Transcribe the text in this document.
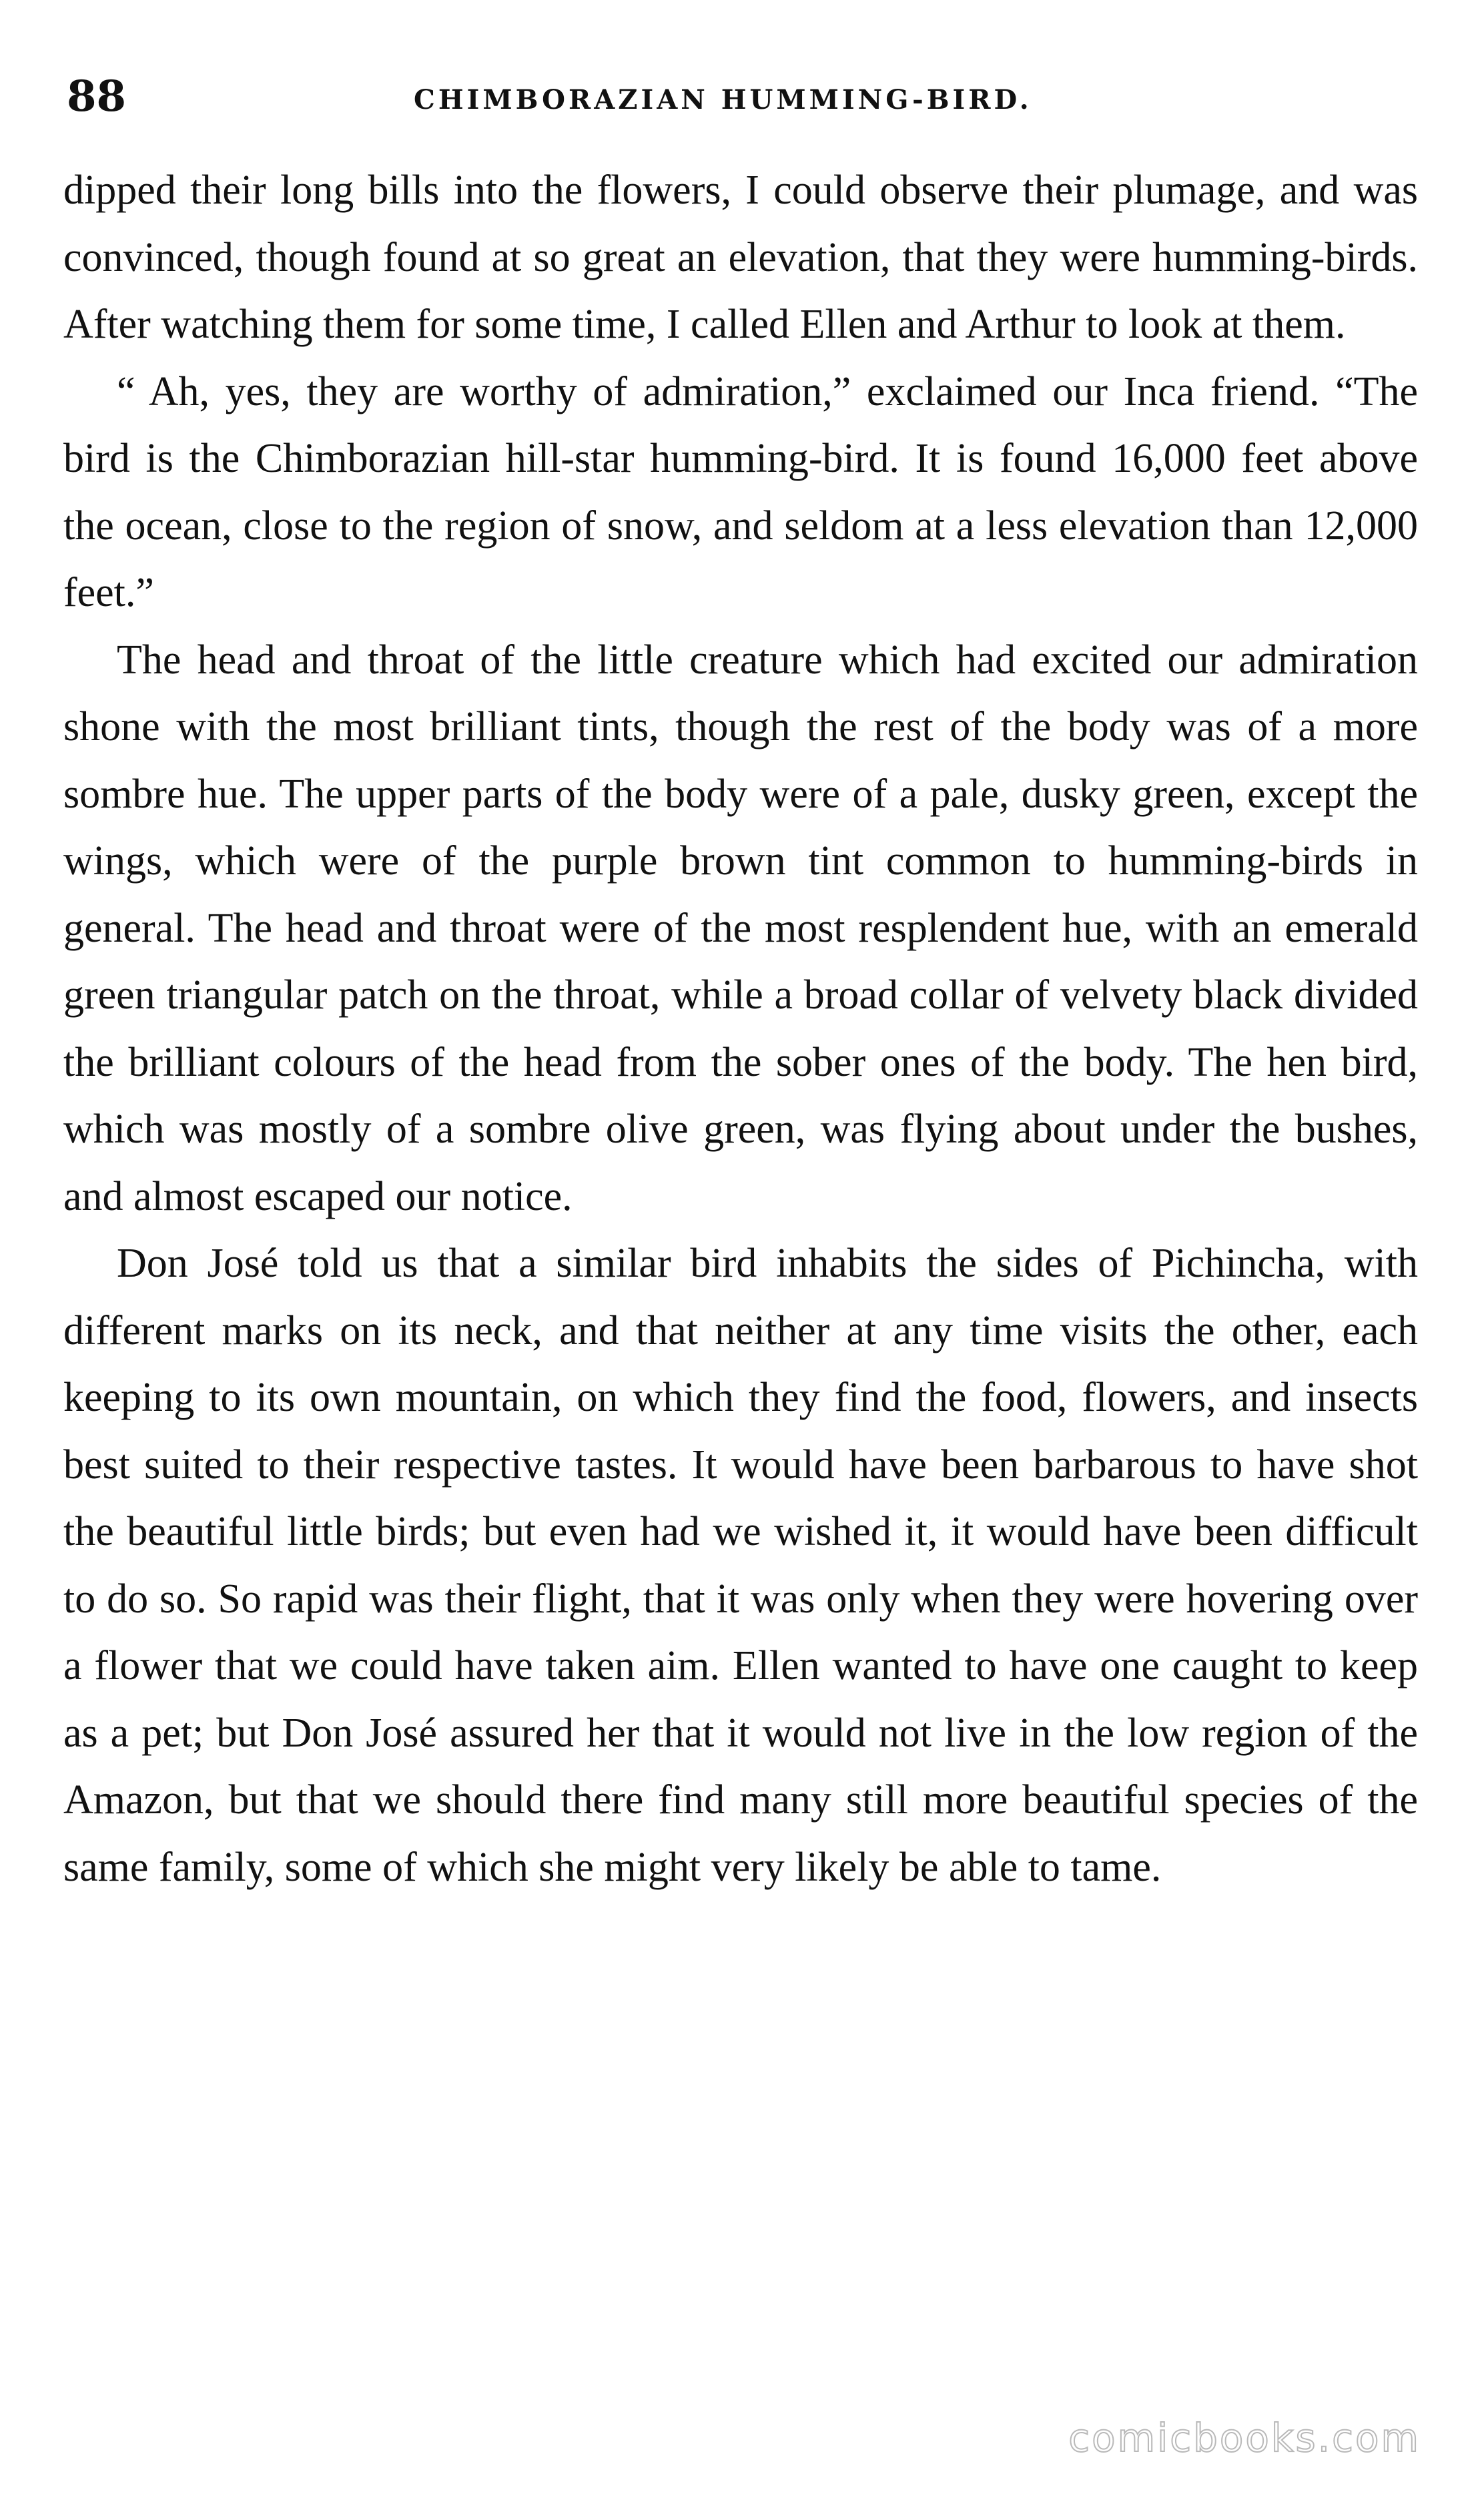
88	CHIMBORAZIAN HUMMING-BIRD.

dipped their long bills into the flowers, I could observe their plumage, and was convinced, though found at so great an elevation, that they were humming-birds. After watching them for some time, I called Ellen and Arthur to look at them.

“ Ah, yes, they are worthy of admiration,” exclaimed our Inca friend. “The bird is the Chimborazian hill-star humming-bird. It is found 16,000 feet above the ocean, close to the region of snow, and seldom at a less elevation than 12,000 feet.”

The head and throat of the little creature which had excited our admiration shone with the most brilliant tints, though the rest of the body was of a more sombre hue. The upper parts of the body were of a pale, dusky green, except the wings, which were of the purple brown tint common to humming-birds in general. The head and throat were of the most resplendent hue, with an emerald green triangular patch on the throat, while a broad collar of velvety black divided the brilliant colours of the head from the sober ones of the body. The hen bird, which was mostly of a sombre olive green, was flying about under the bushes, and almost escaped our notice.

Don José told us that a similar bird inhabits the sides of Pichincha, with different marks on its neck, and that neither at any time visits the other, each keeping to its own mountain, on which they find the food, flowers, and insects best suited to their respective tastes. It would have been barbarous to have shot the beautiful little birds; but even had we wished it, it would have been difficult to do so. So rapid was their flight, that it was only when they were hovering over a flower that we could have taken aim. Ellen wanted to have one caught to keep as a pet; but Don José assured her that it would not live in the low region of the Amazon, but that we should there find many still more beautiful species of the same family, some of which she might very likely be able to tame.

comicbooks.com
